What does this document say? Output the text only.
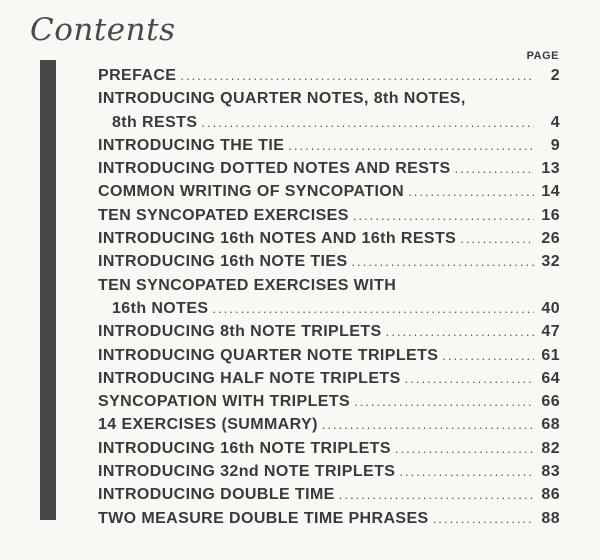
Contents
PAGE
PREFACE .....	2
INTRODUCING QUARTER NOTES, 8th NOTES,
8th RESTS .....	4
INTRODUCING THE TIE .....	9
INTRODUCING DOTTED NOTES AND RESTS .....	13
COMMON WRITING OF SYNCOPATION .....	14
TEN SYNCOPATED EXERCISES .....	16
INTRODUCING 16th NOTES AND 16th RESTS .....	26
INTRODUCING 16th NOTE TIES .....	32
TEN SYNCOPATED EXERCISES WITH
16th NOTES .....	40
INTRODUCING 8th NOTE TRIPLETS .....	47
INTRODUCING QUARTER NOTE TRIPLETS .....	61
INTRODUCING HALF NOTE TRIPLETS .....	64
SYNCOPATION WITH TRIPLETS .....	66
14 EXERCISES (SUMMARY) .....	68
INTRODUCING 16th NOTE TRIPLETS .....	82
INTRODUCING 32nd NOTE TRIPLETS .....	83
INTRODUCING DOUBLE TIME .....	86
TWO MEASURE DOUBLE TIME PHRASES .....	88
